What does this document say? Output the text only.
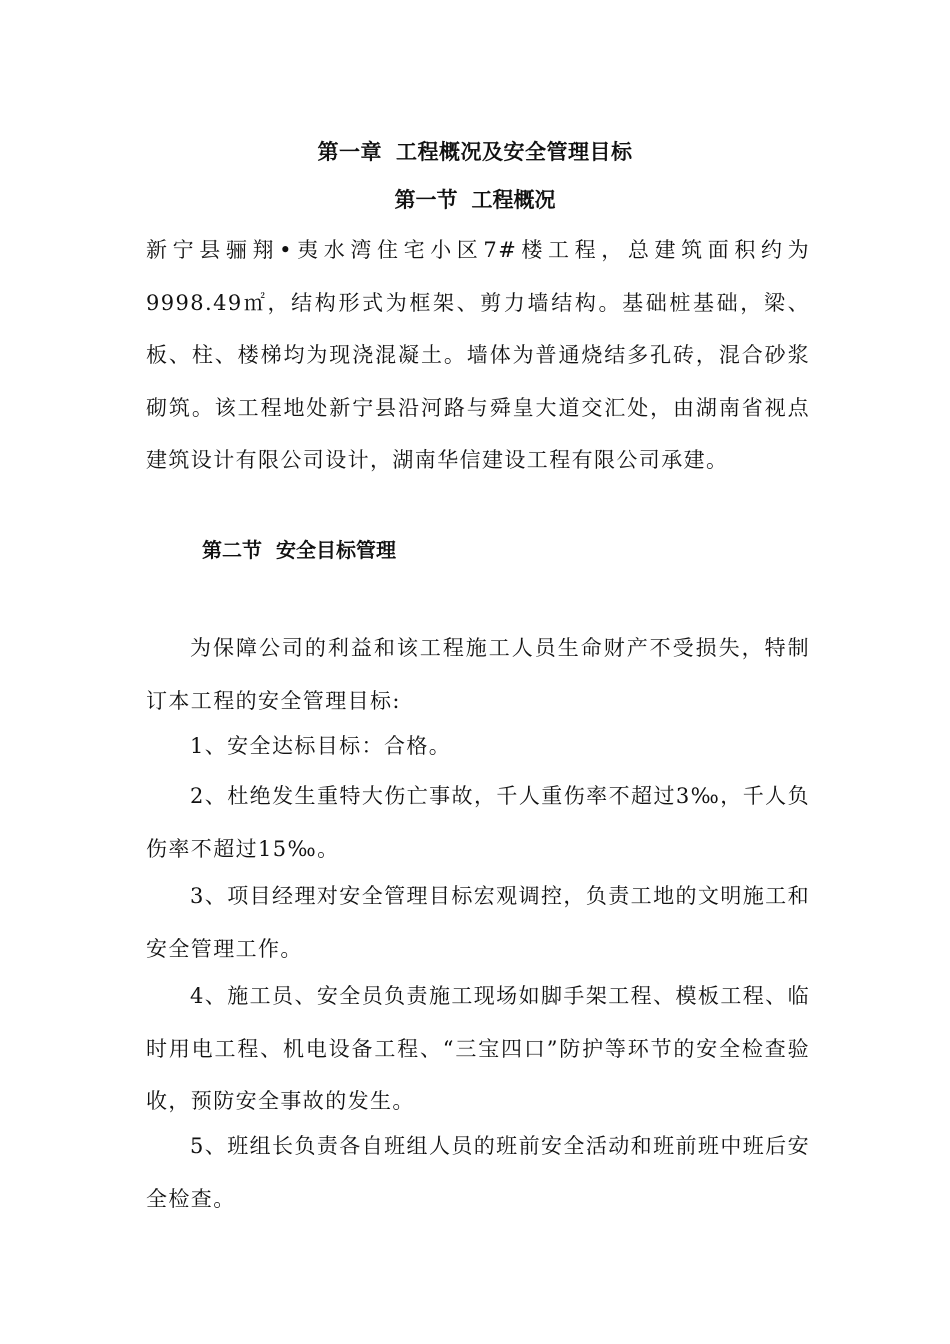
第一章 工程概况及安全管理目标
第一节 工程概况

新宁县骊翔•夷水湾住宅小区7#楼工程，总建筑面积约为　9998.49㎡，结构形式为框架、剪力墙结构。基础桩基础，梁、板、柱、楼梯均为现浇混凝土。墙体为普通烧结多孔砖，混合砂浆砌筑。该工程地处新宁县沿河路与舜皇大道交汇处，由湖南省视点建筑设计有限公司设计，湖南华信建设工程有限公司承建。

第二节 安全目标管理

为保障公司的利益和该工程施工人员生命财产不受损失，特制订本工程的安全管理目标:

1、安全达标目标：合格。

2、杜绝发生重特大伤亡事故，千人重伤率不超过3‰，千人负伤率不超过15‰。

3、项目经理对安全管理目标宏观调控，负责工地的文明施工和安全管理工作。

4、施工员、安全员负责施工现场如脚手架工程、模板工程、临时用电工程、机电设备工程、“三宝四口”防护等环节的安全检查验收，预防安全事故的发生。

5、班组长负责各自班组人员的班前安全活动和班前班中班后安全检查。
